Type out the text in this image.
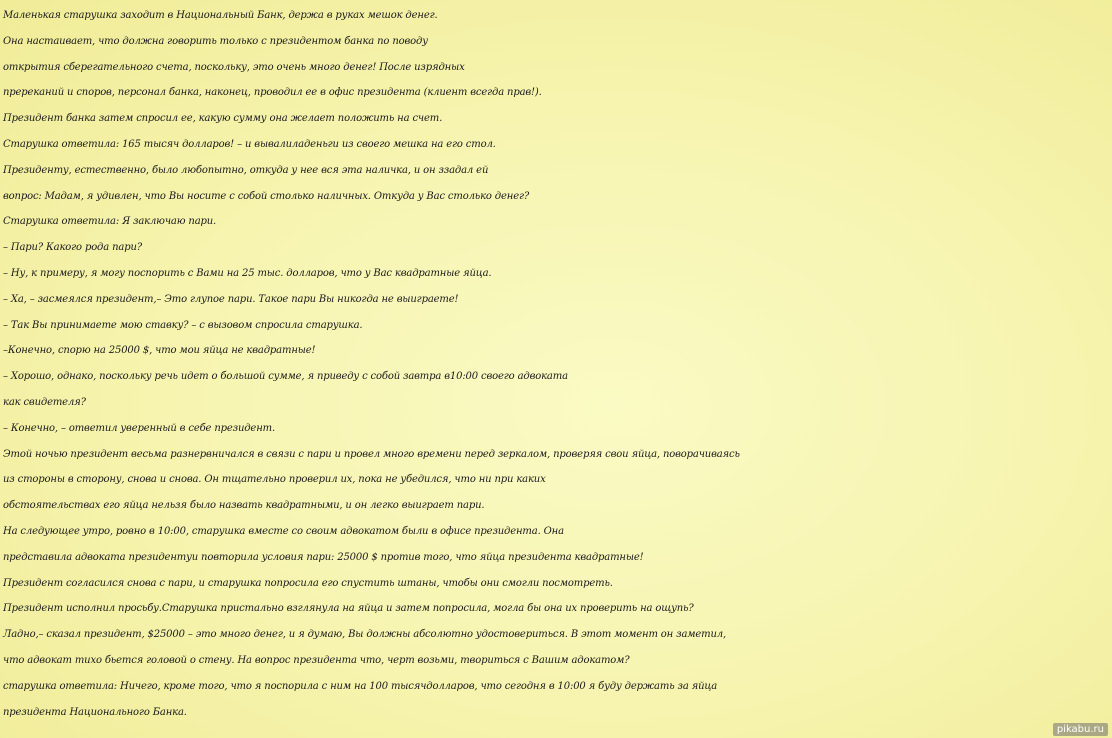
Маленькая старушка заходит в Национальный Банк, держа в руках мешок денег.
Она настаивает, что должна говорить только с президентом банка по поводу
открытия сберегательного счета, поскольку, это очень много денег! После изрядных
пререканий и споров, персонал банка, наконец, проводил ее в офис президента (клиент всегда прав!).
Президент банка затем спросил ее, какую сумму она желает положить на счет.
Старушка ответила: 165 тысяч долларов! – и вывалиладеньги из своего мешка на его стол.
Президенту, естественно, было любопытно, откуда у нее вся эта наличка, и он ззадал ей
вопрос: Мадам, я удивлен, что Вы носите с собой столько наличных. Откуда у Вас столько денег?
Старушка ответила: Я заключаю пари.
– Пари? Какого рода пари?
– Ну, к примеру, я могу поспорить с Вами на 25 тыс. долларов, что у Вас квадратные яйца.
– Ха, – засмеялся президент,– Это глупое пари. Такое пари Вы никогда не выиграете!
– Так Вы принимаете мою ставку? – с вызовом спросила старушка.
–Конечно, спорю на 25000 $, что мои яйца не квадратные!
– Хорошо, однако, поскольку речь идет о большой сумме, я приведу с собой завтра в10:00 своего адвоката
как свидетеля?
– Конечно, – ответил уверенный в себе президент.
Этой ночью президент весьма разнервничался в связи с пари и провел много времени перед зеркалом, проверяя свои яйца, поворачиваясь
из стороны в сторону, снова и снова. Он тщательно проверил их, пока не убедился, что ни при каких
обстоятельствах его яйца нельзя было назвать квадратными, и он легко выиграет пари.
На следующее утро, ровно в 10:00, старушка вместе со своим адвокатом были в офисе президента. Она
представила адвоката президентуи повторила условия пари: 25000 $ против того, что яйца президента квадратные!
Президент согласился снова с пари, и старушка попросила его спустить штаны, чтобы они смогли посмотреть.
Президент исполнил просьбу.Старушка пристально взглянула на яйца и затем попросила, могла бы она их проверить на ощупь?
Ладно,– сказал президент, $25000 – это много денег, и я думаю, Вы должны абсолютно удостовериться. В этот момент он заметил,
что адвокат тихо бьется головой о стену. На вопрос президента что, черт возьми, твориться с Вашим адокатом?
старушка ответила: Ничего, кроме того, что я поспорила с ним на 100 тысячдолларов, что сегодня в 10:00 я буду держать за яйца
президента Национального Банка.
pikabu.ru
